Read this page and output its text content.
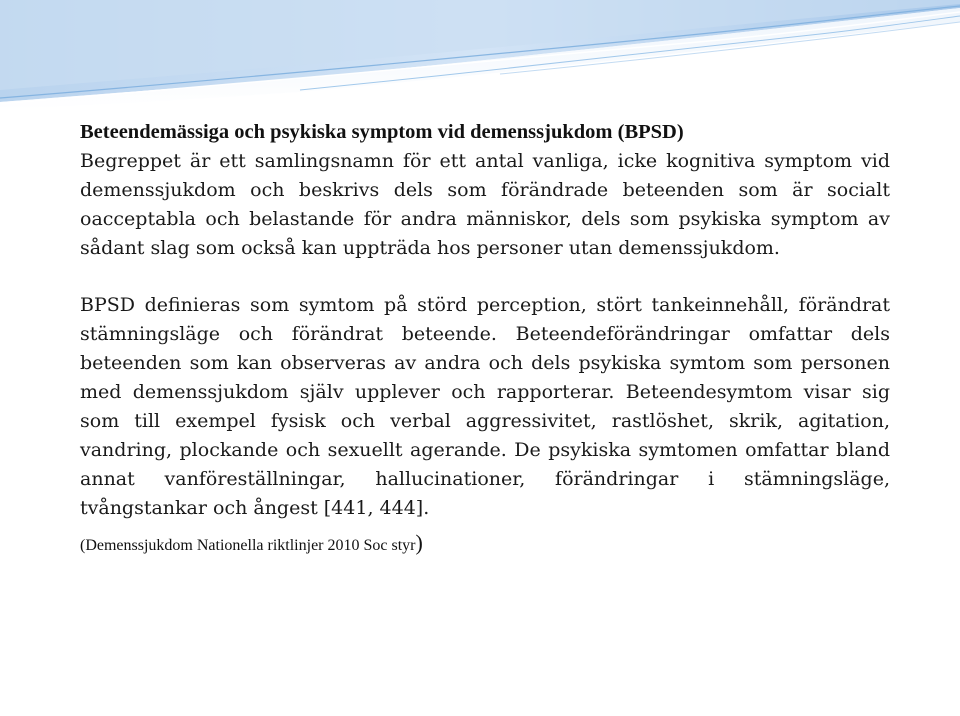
Beteendemässiga och psykiska symptom vid demenssjukdom (BPSD)

Begreppet är ett samlingsnamn för ett antal vanliga, icke kognitiva symptom vid demenssjukdom och beskrivs dels som förändrade beteenden som är socialt oacceptabla och belastande för andra människor, dels som psykiska symptom av sådant slag som också kan uppträda hos personer utan demenssjukdom.

BPSD definieras som symtom på störd perception, stört tankeinnehåll, förändrat stämningsläge och förändrat beteende. Beteendeförändringar omfattar dels beteenden som kan observeras av andra och dels psykiska symtom som personen med demenssjukdom själv upplever och rapporterar. Beteendesymtom visar sig som till exempel fysisk och verbal aggressivitet, rastlöshet, skrik, agitation, vandring, plockande och sexuellt agerande. De psykiska symtomen omfattar bland annat vanföreställningar, hallucinationer, förändringar i stämningsläge, tvångstankar och ångest [441, 444].

(Demenssjukdom Nationella riktlinjer 2010 Soc styr)
